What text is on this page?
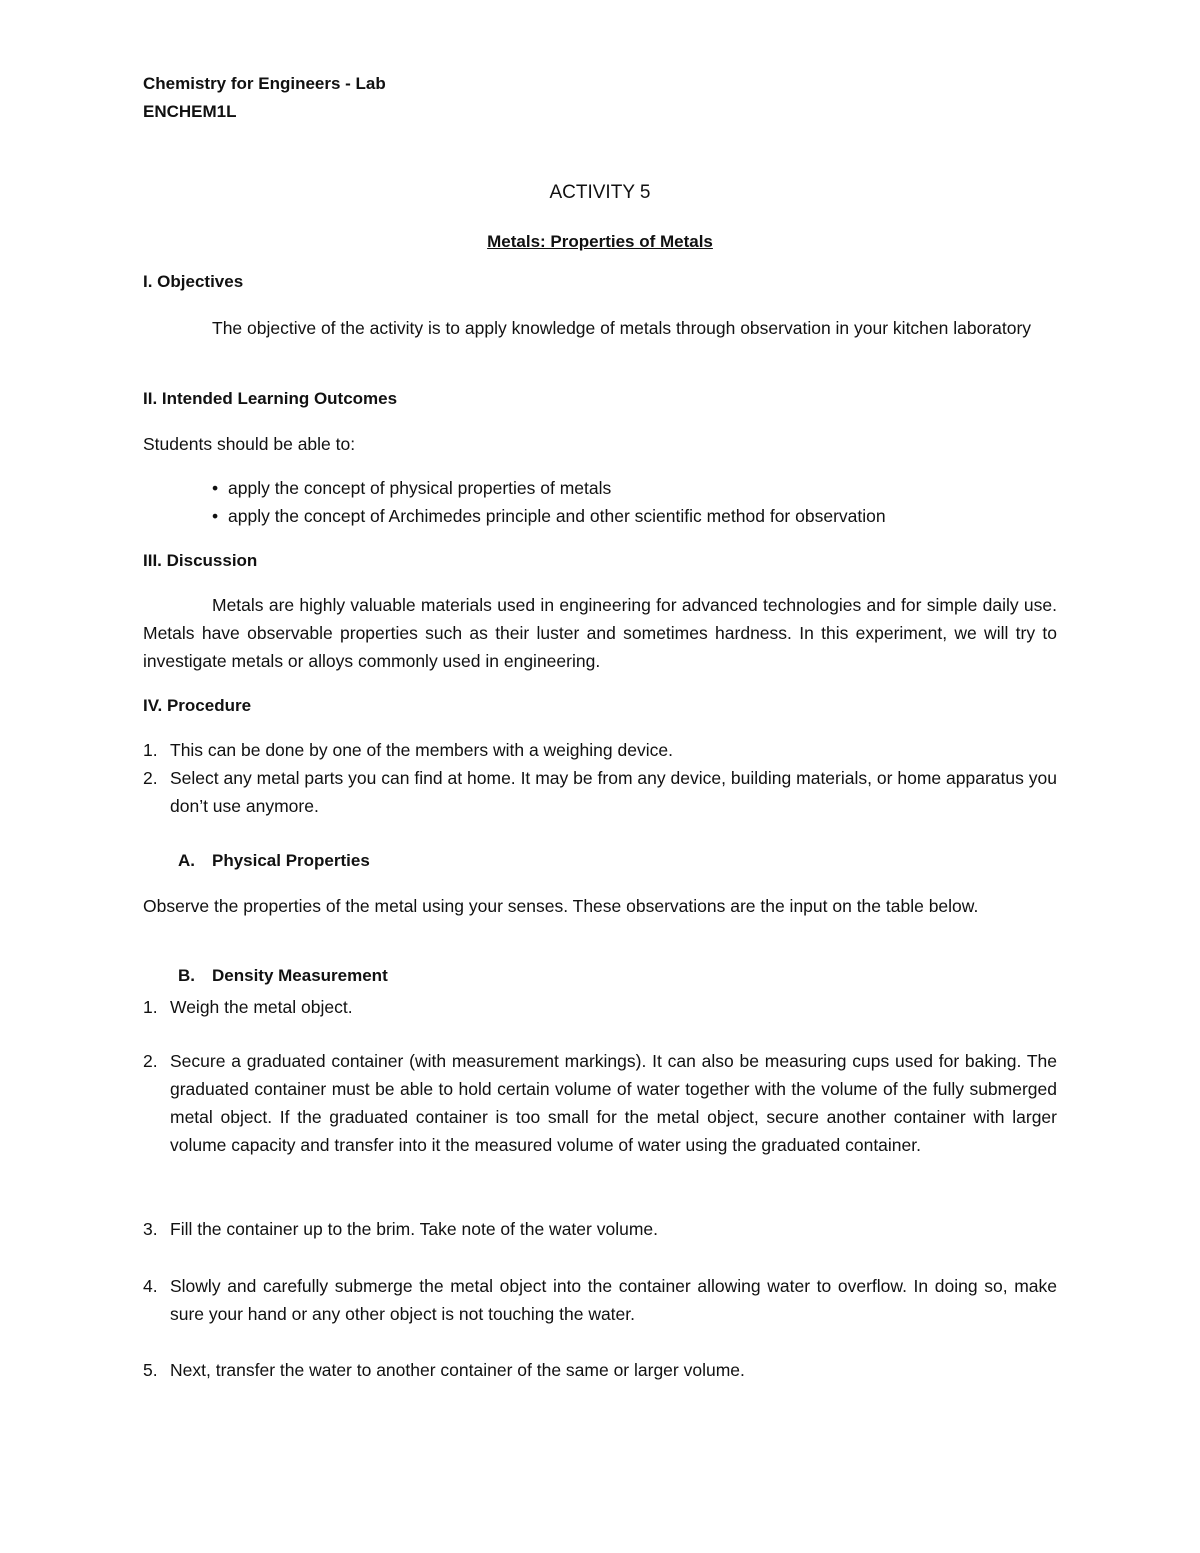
Chemistry for Engineers - Lab
ENCHEM1L
ACTIVITY 5
Metals: Properties of Metals
I. Objectives
The objective of the activity is to apply knowledge of metals through observation in your kitchen laboratory
II. Intended Learning Outcomes
Students should be able to:
• apply the concept of physical properties of metals
• apply the concept of Archimedes principle and other scientific method for observation
III. Discussion
Metals are highly valuable materials used in engineering for advanced technologies and for simple daily use. Metals have observable properties such as their luster and sometimes hardness. In this experiment, we will try to investigate metals or alloys commonly used in engineering.
IV. Procedure
1. This can be done by one of the members with a weighing device.
2. Select any metal parts you can find at home. It may be from any device, building materials, or home apparatus you don’t use anymore.
A. Physical Properties
Observe the properties of the metal using your senses. These observations are the input on the table below.
B. Density Measurement
1. Weigh the metal object.
2. Secure a graduated container (with measurement markings). It can also be measuring cups used for baking. The graduated container must be able to hold certain volume of water together with the volume of the fully submerged metal object. If the graduated container is too small for the metal object, secure another container with larger volume capacity and transfer into it the measured volume of water using the graduated container.
3. Fill the container up to the brim. Take note of the water volume.
4. Slowly and carefully submerge the metal object into the container allowing water to overflow. In doing so, make sure your hand or any other object is not touching the water.
5. Next, transfer the water to another container of the same or larger volume.
